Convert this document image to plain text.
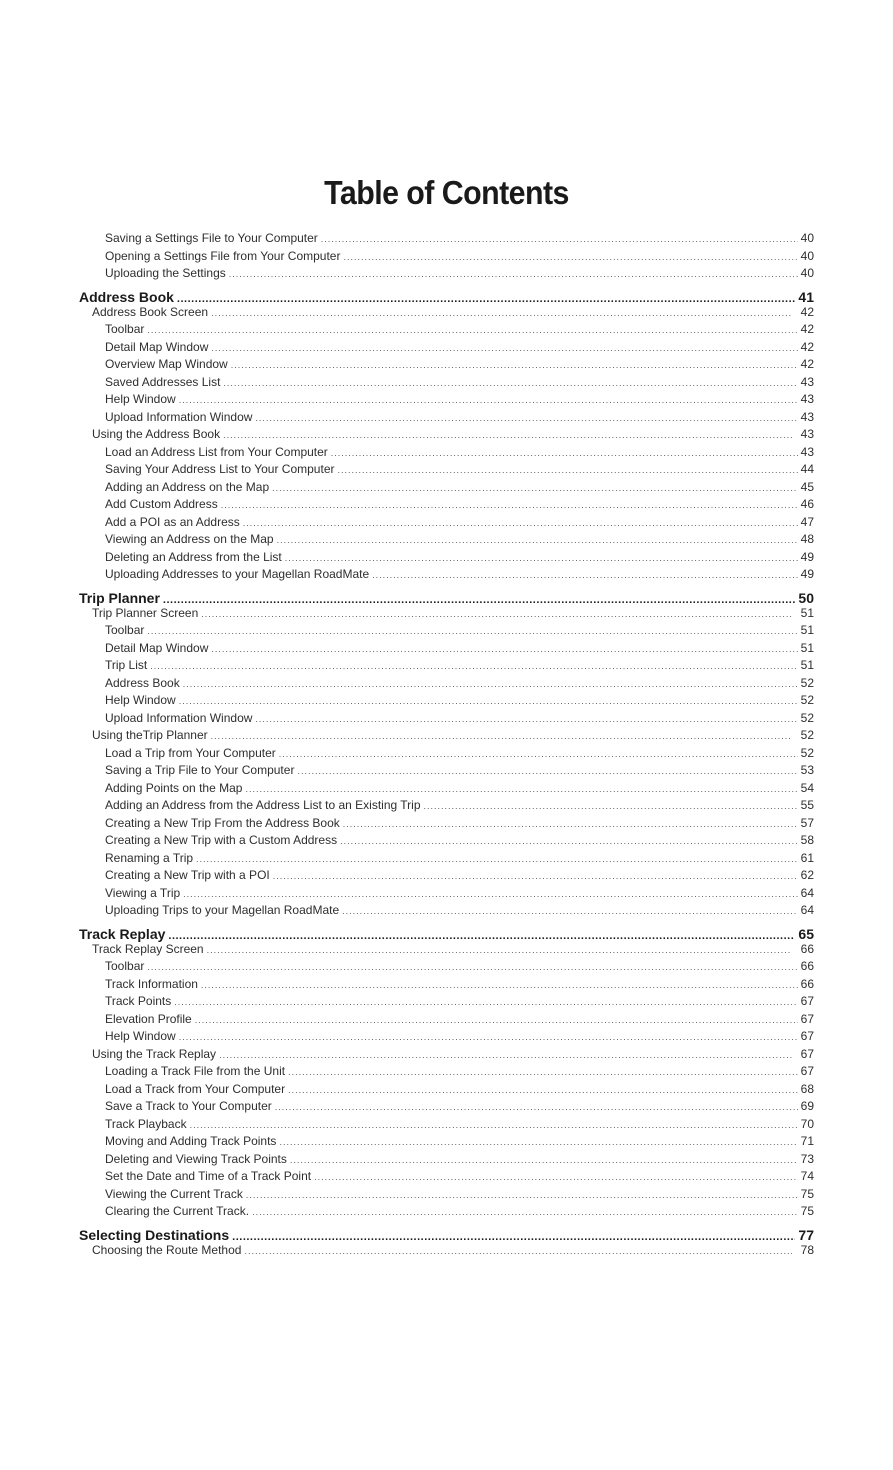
Table of Contents
Saving a Settings File to Your Computer .....	40
Opening a Settings File from Your Computer .....	40
Uploading the Settings .....	40
Address Book .....	41
Address Book Screen .....	42
Toolbar .....	42
Detail Map Window .....	42
Overview Map Window .....	42
Saved Addresses List .....	43
Help Window .....	43
Upload Information Window .....	43
Using the Address Book .....	43
Load an Address List from Your Computer .....	43
Saving Your Address List to Your Computer .....	44
Adding an Address on the Map .....	45
Add Custom Address .....	46
Add a POI as an Address .....	47
Viewing an Address on the Map .....	48
Deleting an Address from the List .....	49
Uploading Addresses to your Magellan RoadMate .....	49
Trip Planner .....	50
Trip Planner Screen .....	51
Toolbar .....	51
Detail Map Window .....	51
Trip List .....	51
Address Book .....	52
Help Window .....	52
Upload Information Window .....	52
Using theTrip Planner .....	52
Load a Trip from Your Computer .....	52
Saving a Trip File to Your Computer .....	53
Adding Points on the Map .....	54
Adding an Address from the Address List to an Existing Trip .....	55
Creating a New Trip From the Address Book .....	57
Creating a New Trip with a Custom Address .....	58
Renaming a Trip .....	61
Creating a New Trip with a POI .....	62
Viewing a Trip .....	64
Uploading Trips to your Magellan RoadMate .....	64
Track Replay .....	65
Track Replay Screen .....	66
Toolbar .....	66
Track Information .....	66
Track Points .....	67
Elevation Profile .....	67
Help Window .....	67
Using the Track Replay .....	67
Loading a Track File from the Unit .....	67
Load a Track from Your Computer .....	68
Save a Track to Your Computer .....	69
Track Playback .....	70
Moving and Adding Track Points .....	71
Deleting and Viewing Track Points .....	73
Set the Date and Time of a Track Point .....	74
Viewing the Current Track .....	75
Clearing the Current Track. .....	75
Selecting Destinations .....	77
Choosing the Route Method .....	78
